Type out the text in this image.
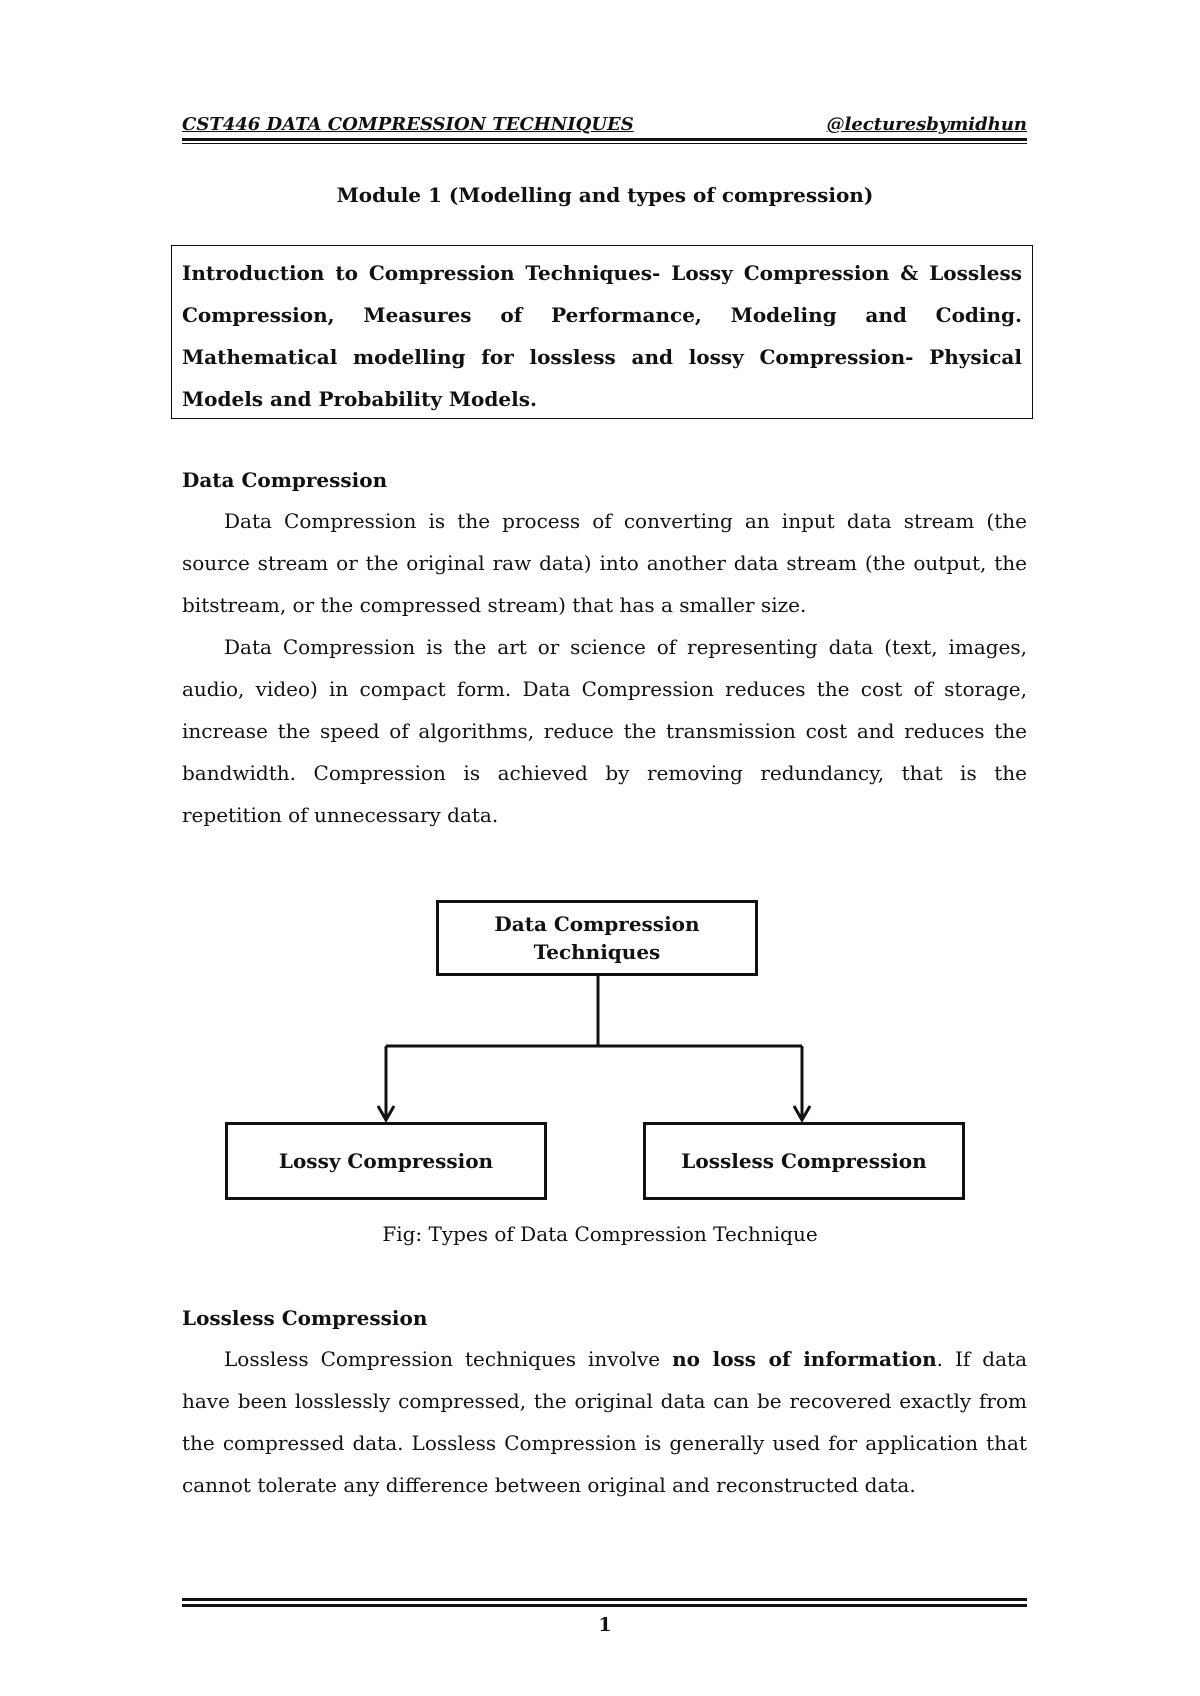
CST446 DATA COMPRESSION TECHNIQUES	@lecturesbymidhun
Module 1 (Modelling and types of compression)
Introduction to Compression Techniques- Lossy Compression & Lossless Compression, Measures of Performance, Modeling and Coding. Mathematical modelling for lossless and lossy Compression- Physical Models and Probability Models.
Data Compression
Data Compression is the process of converting an input data stream (the source stream or the original raw data) into another data stream (the output, the bitstream, or the compressed stream) that has a smaller size.
Data Compression is the art or science of representing data (text, images, audio, video) in compact form. Data Compression reduces the cost of storage, increase the speed of algorithms, reduce the transmission cost and reduces the bandwidth. Compression is achieved by removing redundancy, that is the repetition of unnecessary data.
Data Compression
Techniques
Lossy Compression	Lossless Compression
Fig: Types of Data Compression Technique
Lossless Compression
Lossless Compression techniques involve no loss of information. If data have been losslessly compressed, the original data can be recovered exactly from the compressed data. Lossless Compression is generally used for application that cannot tolerate any difference between original and reconstructed data.
1
